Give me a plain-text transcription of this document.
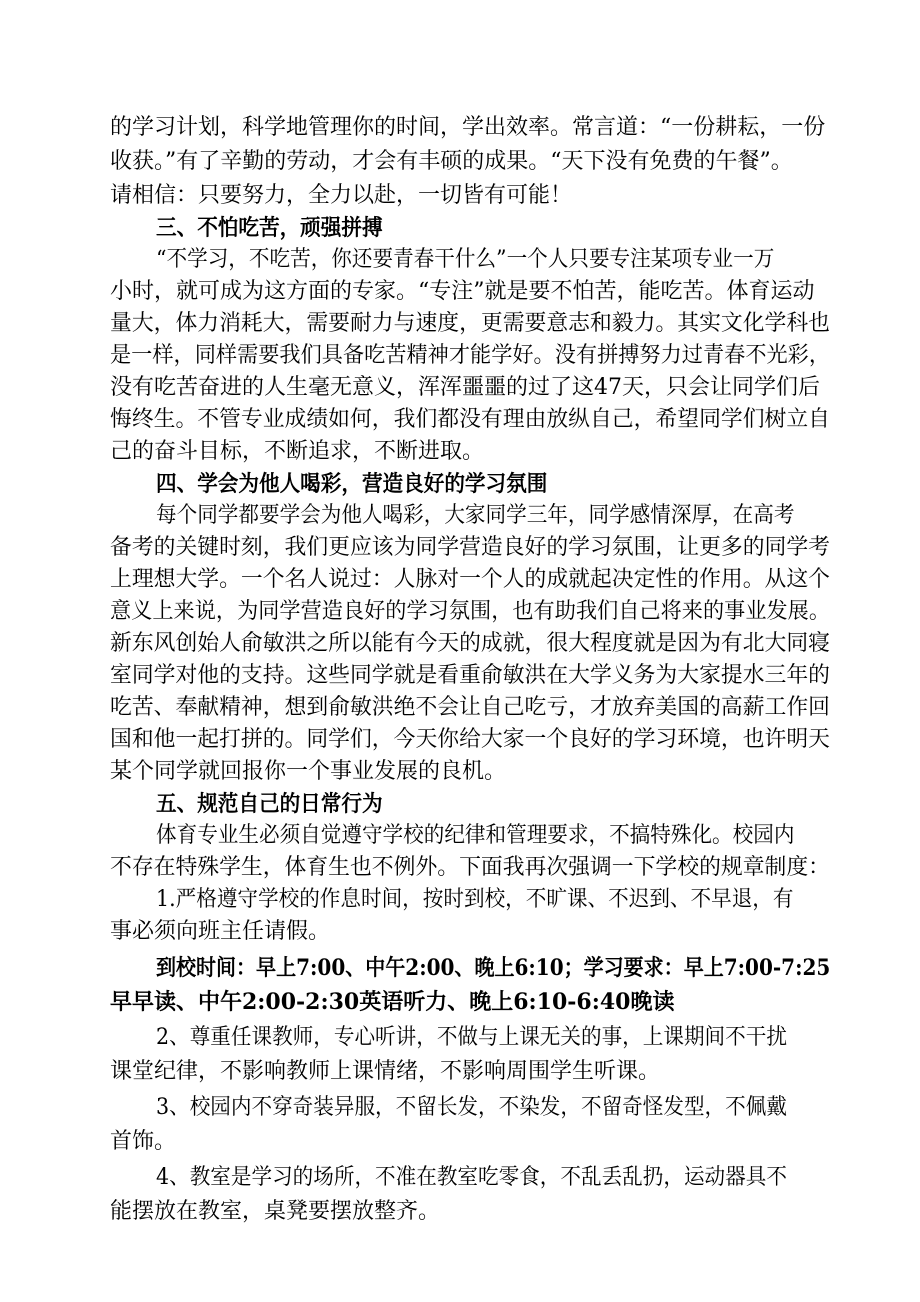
的学习计划，科学地管理你的时间，学出效率。常言道：“一份耕耘，一份
收获。”有了辛勤的劳动，才会有丰硕的成果。“天下没有免费的午餐”。
请相信：只要努力，全力以赴，一切皆有可能！
三、不怕吃苦，顽强拼搏
“不学习，不吃苦，你还要青春干什么”一个人只要专注某项专业一万
小时，就可成为这方面的专家。“专注”就是要不怕苦，能吃苦。体育运动
量大，体力消耗大，需要耐力与速度，更需要意志和毅力。其实文化学科也
是一样，同样需要我们具备吃苦精神才能学好。没有拼搏努力过青春不光彩，
没有吃苦奋进的人生毫无意义，浑浑噩噩的过了这47天，只会让同学们后
悔终生。不管专业成绩如何，我们都没有理由放纵自己，希望同学们树立自
己的奋斗目标，不断追求，不断进取。
四、学会为他人喝彩，营造良好的学习氛围
每个同学都要学会为他人喝彩，大家同学三年，同学感情深厚，在高考
备考的关键时刻，我们更应该为同学营造良好的学习氛围，让更多的同学考
上理想大学。一个名人说过：人脉对一个人的成就起决定性的作用。从这个
意义上来说，为同学营造良好的学习氛围，也有助我们自己将来的事业发展。
新东风创始人俞敏洪之所以能有今天的成就，很大程度就是因为有北大同寝
室同学对他的支持。这些同学就是看重俞敏洪在大学义务为大家提水三年的
吃苦、奉献精神，想到俞敏洪绝不会让自己吃亏，才放弃美国的高薪工作回
国和他一起打拼的。同学们，今天你给大家一个良好的学习环境，也许明天
某个同学就回报你一个事业发展的良机。
五、规范自己的日常行为
体育专业生必须自觉遵守学校的纪律和管理要求，不搞特殊化。校园内
不存在特殊学生，体育生也不例外。下面我再次强调一下学校的规章制度：
1.严格遵守学校的作息时间，按时到校，不旷课、不迟到、不早退，有
事必须向班主任请假。
到校时间：早上7:00、中午2:00、晚上6:10；学习要求：早上7:00-7:25
早早读、中午2:00-2:30英语听力、晚上6:10-6:40晚读
2、尊重任课教师，专心听讲，不做与上课无关的事，上课期间不干扰
课堂纪律，不影响教师上课情绪，不影响周围学生听课。
3、校园内不穿奇装异服，不留长发，不染发，不留奇怪发型，不佩戴
首饰。
4、教室是学习的场所，不准在教室吃零食，不乱丢乱扔，运动器具不
能摆放在教室，桌凳要摆放整齐。
